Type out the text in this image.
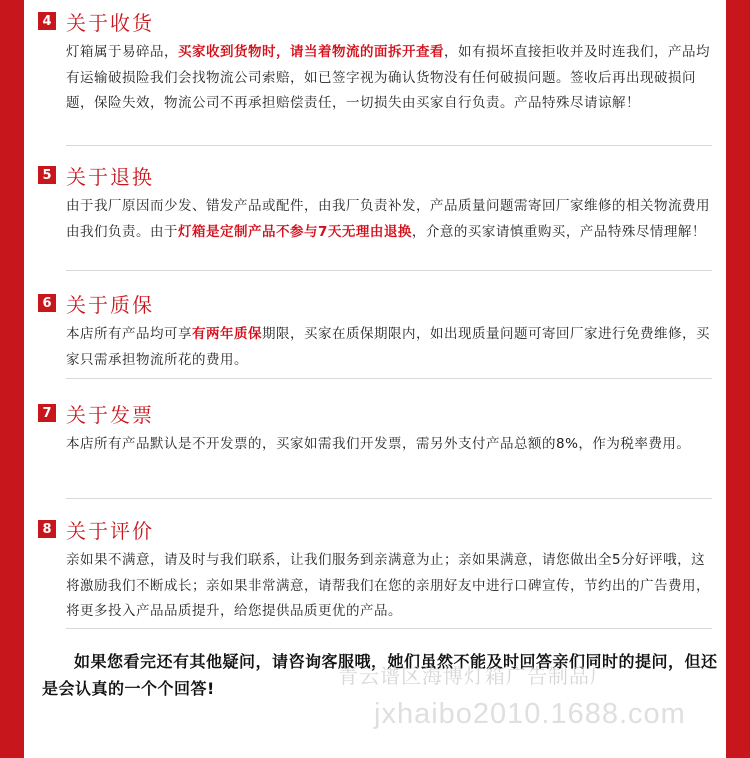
4 关于收货
灯箱属于易碎品，买家收到货物时，请当着物流的面拆开查看，如有损坏直接拒收并及时连我们，产品均有运输破损险我们会找物流公司索赔，如已签字视为确认货物没有任何破损问题。签收后再出现破损问题，保险失效，物流公司不再承担赔偿责任，一切损失由买家自行负责。产品特殊尽请谅解！
5 关于退换
由于我厂原因而少发、错发产品或配件，由我厂负责补发，产品质量问题需寄回厂家维修的相关物流费用由我们负责。由于灯箱是定制产品不参与7天无理由退换，介意的买家请慎重购买，产品特殊尽情理解！
6 关于质保
本店所有产品均可享有两年质保期限，买家在质保期限内，如出现质量问题可寄回厂家进行免费维修，买家只需承担物流所花的费用。
7 关于发票
本店所有产品默认是不开发票的，买家如需我们开发票，需另外支付产品总额的8%，作为税率费用。
8 关于评价
亲如果不满意，请及时与我们联系，让我们服务到亲满意为止；亲如果满意，请您做出全5分好评哦，这将激励我们不断成长；亲如果非常满意，请帮我们在您的亲朋好友中进行口碑宣传，节约出的广告费用，将更多投入产品品质提升，给您提供品质更优的产品。
如果您看完还有其他疑问，请咨询客服哦，她们虽然不能及时回答亲们同时的提问，但还是会认真的一个个回答!
青云谱区海博灯箱广告制品厂
jxhaibo2010.1688.com
